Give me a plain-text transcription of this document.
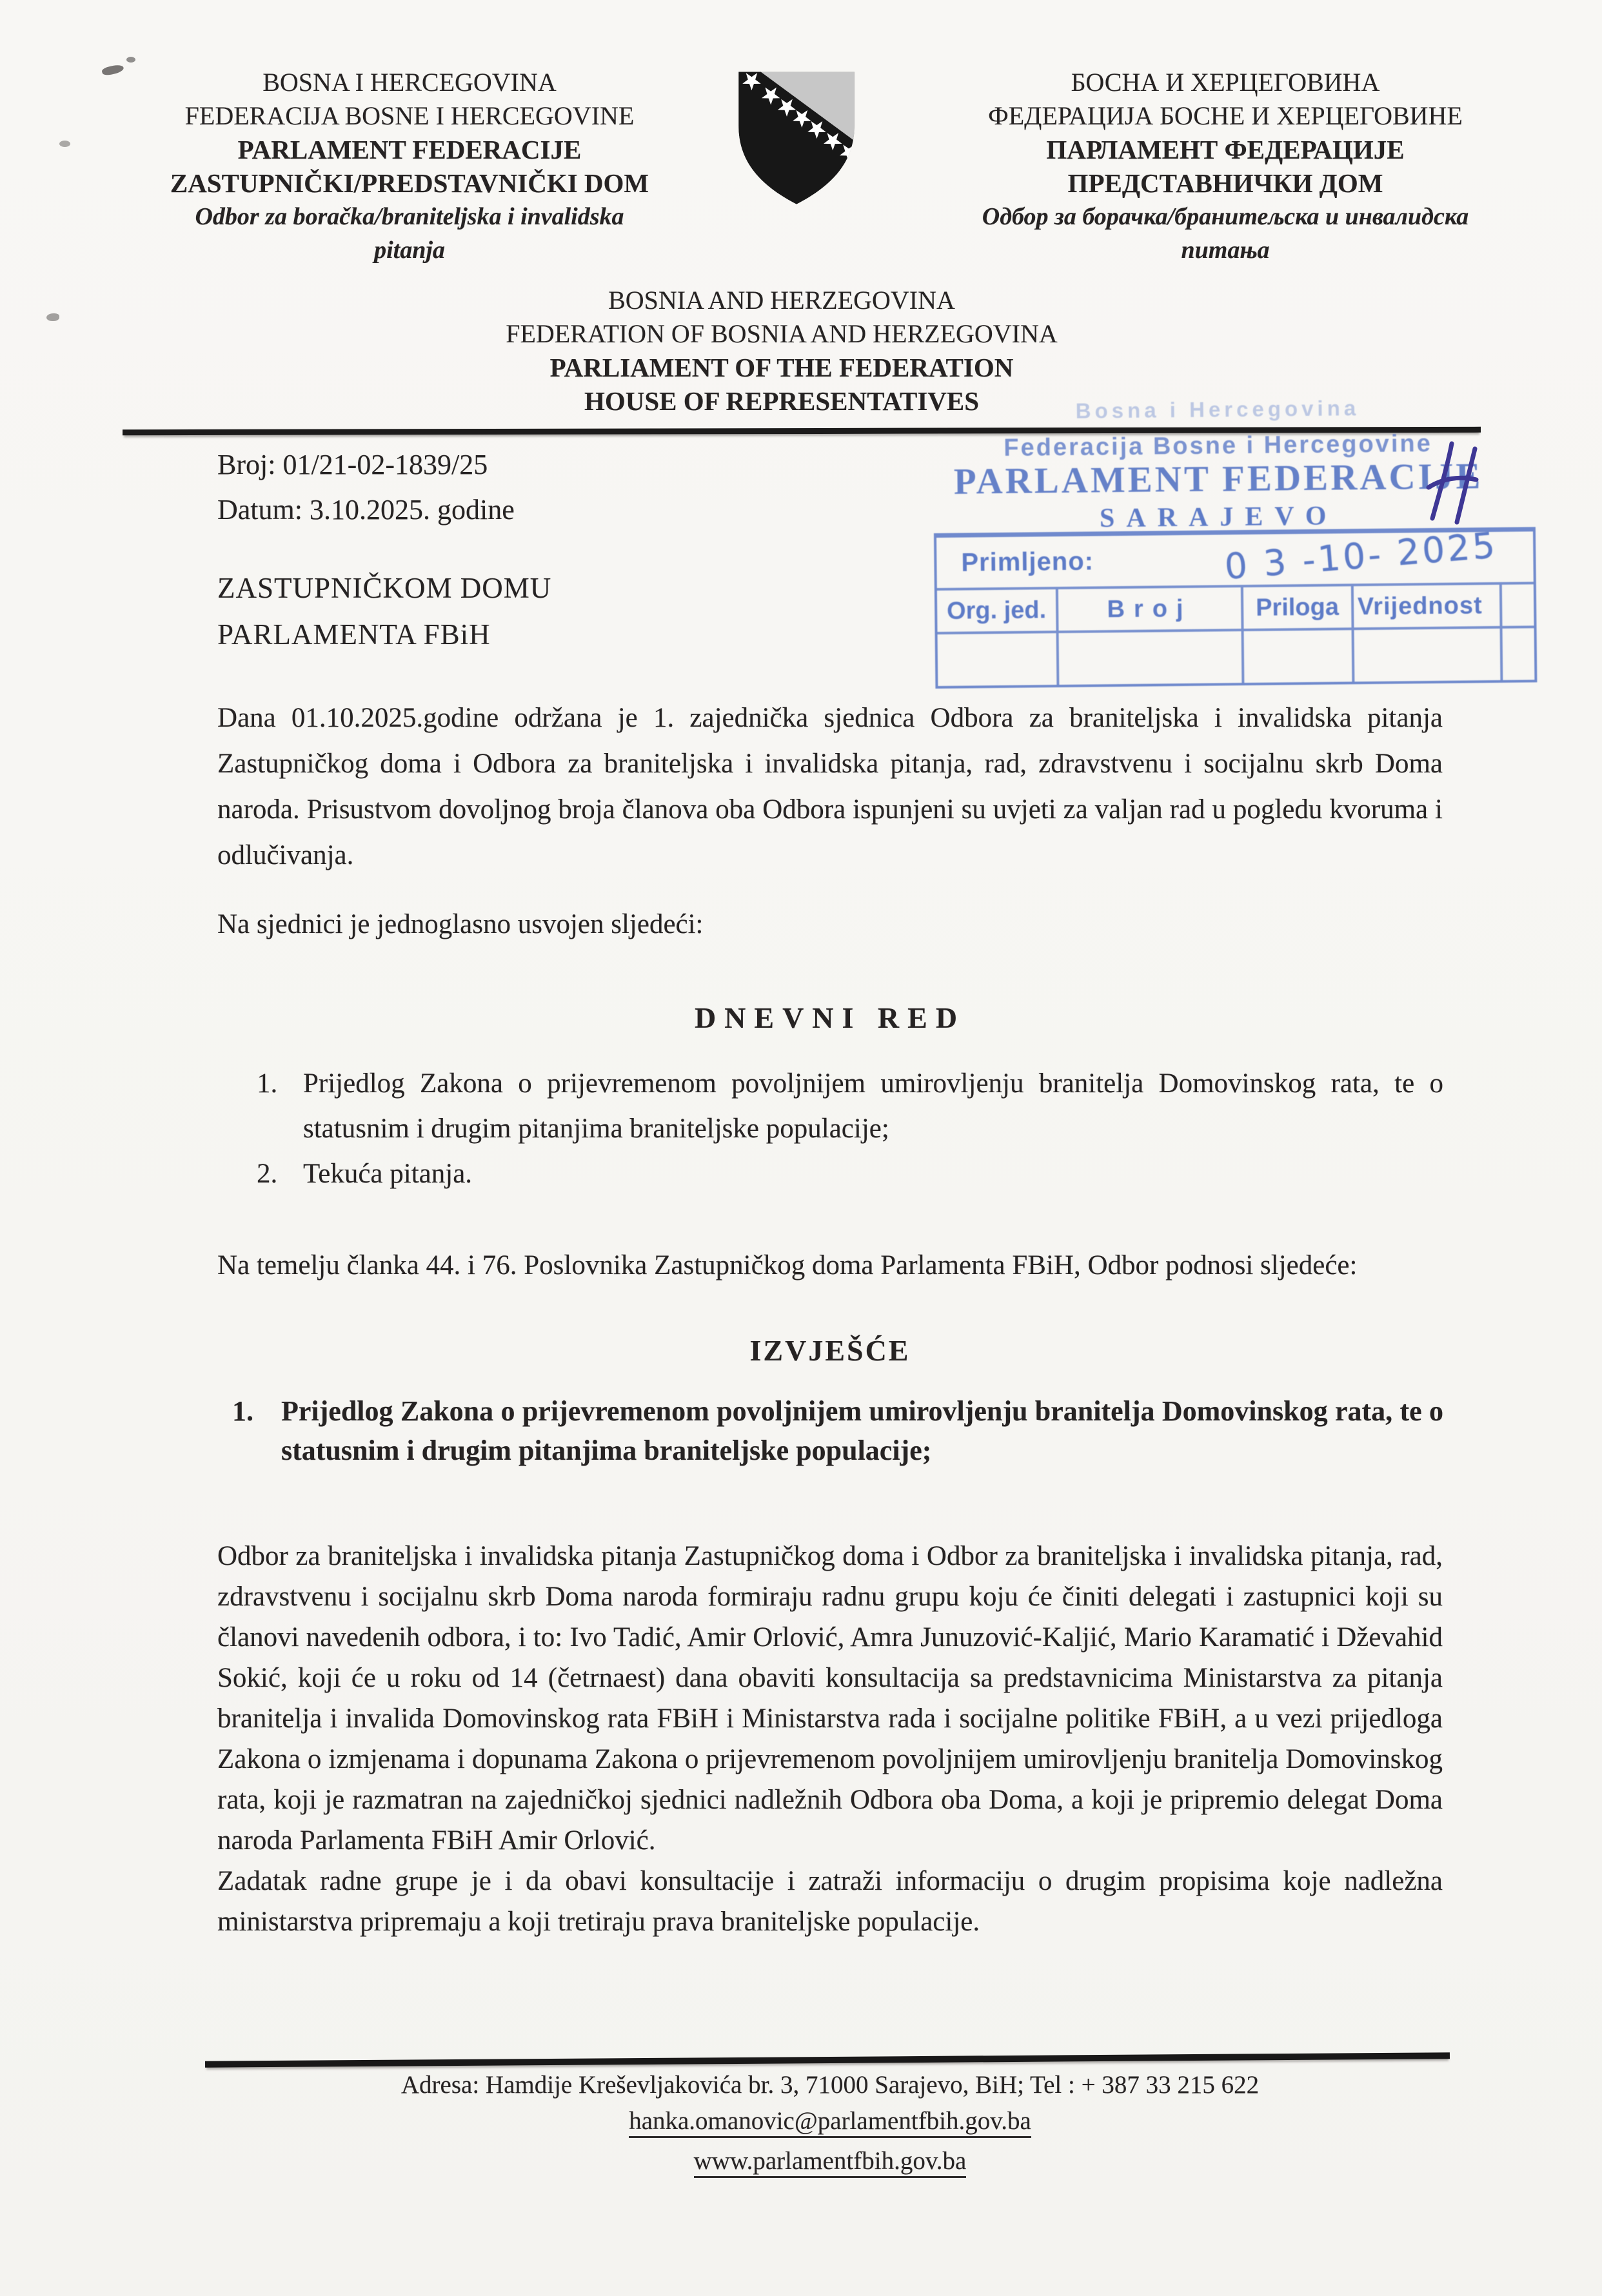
BOSNA I HERCEGOVINA
FEDERACIJA BOSNE I HERCEGOVINE
PARLAMENT FEDERACIJE
ZASTUPNIČKI/PREDSTAVNIČKI DOM
Odbor za boračka/braniteljska i invalidska
pitanja
БОСНА И ХЕРЦЕГОВИНА
ФЕДЕРАЦИЈА БОСНЕ И ХЕРЦЕГОВИНЕ
ПАРЛАМЕНТ ФЕДЕРАЦИЈЕ
ПРЕДСТАВНИЧКИ ДОМ
Одбор за борачка/бранитељска и инвалидска
питања
BOSNIA AND HERZEGOVINA
FEDERATION OF BOSNIA AND HERZEGOVINA
PARLIAMENT OF THE FEDERATION
HOUSE OF REPRESENTATIVES
Broj: 01/21-02-1839/25
Datum: 3.10.2025. godine
ZASTUPNIČKOM DOMU
PARLAMENTA FBiH
Bosna i Hercegovina
Federacija Bosne i Hercegovine
PARLAMENT FEDERACIJE
SARAJEVO
Primljeno:
Org. jed.	Broj	Priloga Vrijednost
0 3 -10- 2025
Dana 01.10.2025.godine održana je 1. zajednička sjednica Odbora za braniteljska i invalidska pitanja Zastupničkog doma i Odbora za braniteljska i invalidska pitanja, rad, zdravstvenu i socijalnu skrb Doma naroda. Prisustvom dovoljnog broja članova oba Odbora ispunjeni su uvjeti za valjan rad u pogledu kvoruma i odlučivanja.
Na sjednici je jednoglasno usvojen sljedeći:
DNEVNI RED
1. Prijedlog Zakona o prijevremenom povoljnijem umirovljenju branitelja Domovinskog rata, te o statusnim i drugim pitanjima braniteljske populacije;
2. Tekuća pitanja.
Na temelju članka 44. i 76. Poslovnika Zastupničkog doma Parlamenta FBiH, Odbor podnosi sljedeće:
IZVJEŠĆE
1. Prijedlog Zakona o prijevremenom povoljnijem umirovljenju branitelja Domovinskog rata, te o statusnim i drugim pitanjima braniteljske populacije;

Odbor za braniteljska i invalidska pitanja Zastupničkog doma i Odbor za braniteljska i invalidska pitanja, rad, zdravstvenu i socijalnu skrb Doma naroda formiraju radnu grupu koju će činiti delegati i zastupnici koji su članovi navedenih odbora, i to: Ivo Tadić, Amir Orlović, Amra Junuzović-Kaljić, Mario Karamatić i Dževahid Sokić, koji će u roku od 14 (četrnaest) dana obaviti konsultacija sa predstavnicima Ministarstva za pitanja branitelja i invalida Domovinskog rata FBiH i Ministarstva rada i socijalne politike FBiH, a u vezi prijedloga Zakona o izmjenama i dopunama Zakona o prijevremenom povoljnijem umirovljenju branitelja Domovinskog rata, koji je razmatran na zajedničkoj sjednici nadležnih Odbora oba Doma, a koji je pripremio delegat Doma naroda Parlamenta FBiH Amir Orlović.

Zadatak radne grupe je i da obavi konsultacije i zatraži informaciju o drugim propisima koje nadležna ministarstva pripremaju a koji tretiraju prava braniteljske populacije.

Adresa: Hamdije Kreševljakovića br. 3, 71000 Sarajevo, BiH; Tel : + 387 33 215 622
hanka.omanovic@parlamentfbih.gov.ba
www.parlamentfbih.gov.ba
